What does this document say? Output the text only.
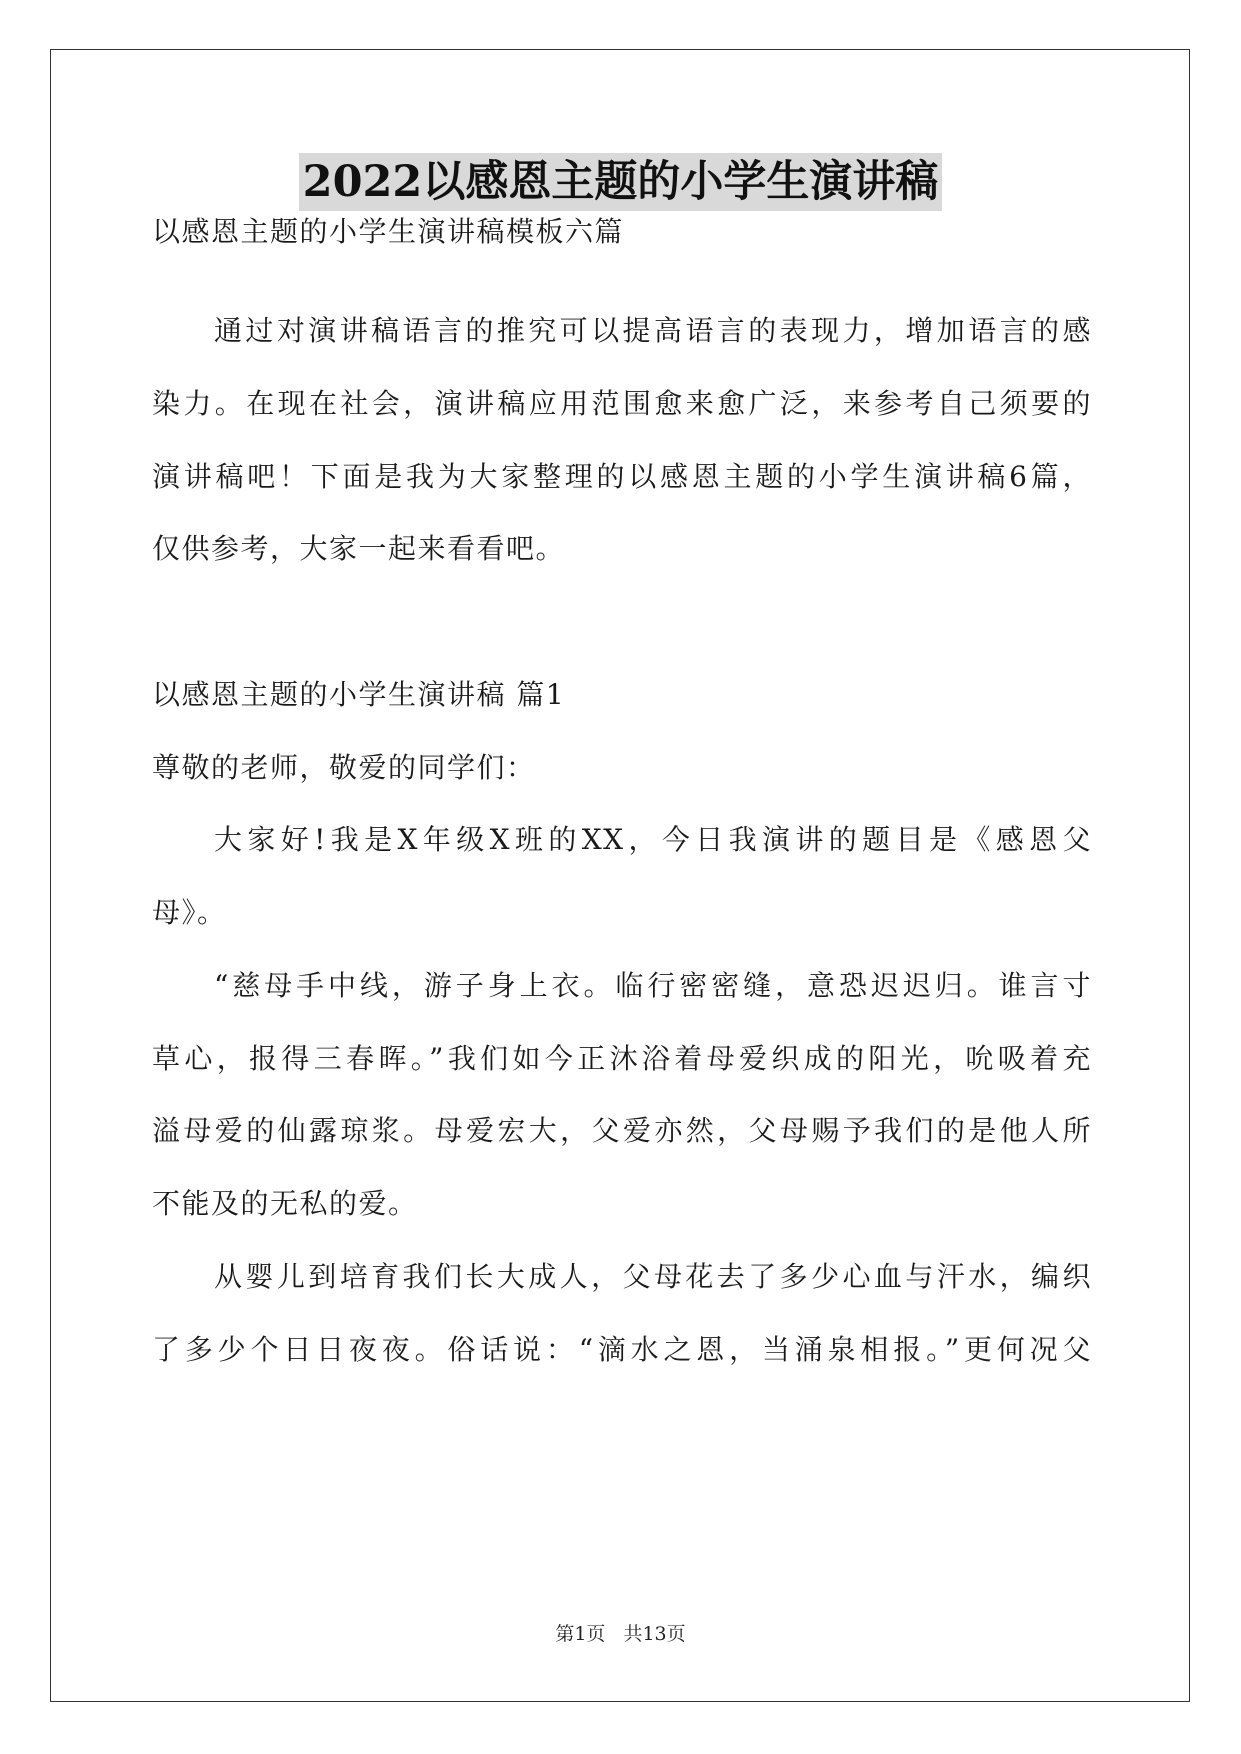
2022以感恩主题的小学生演讲稿
以感恩主题的小学生演讲稿模板六篇
通过对演讲稿语言的推究可以提高语言的表现力，增加语言的感
染力。在现在社会，演讲稿应用范围愈来愈广泛，来参考自己须要的
演讲稿吧！下面是我为大家整理的以感恩主题的小学生演讲稿6篇，
仅供参考，大家一起来看看吧。
以感恩主题的小学生演讲稿 篇1
尊敬的老师，敬爱的同学们：
大家好!我是X年级X班的XX，今日我演讲的题目是《感恩父
母》。
“慈母手中线，游子身上衣。临行密密缝，意恐迟迟归。谁言寸
草心，报得三春晖。”我们如今正沐浴着母爱织成的阳光，吮吸着充
溢母爱的仙露琼浆。母爱宏大，父爱亦然，父母赐予我们的是他人所
不能及的无私的爱。
从婴儿到培育我们长大成人，父母花去了多少心血与汗水，编织
了多少个日日夜夜。俗话说：“滴水之恩，当涌泉相报。”更何况父
第1页 共13页
